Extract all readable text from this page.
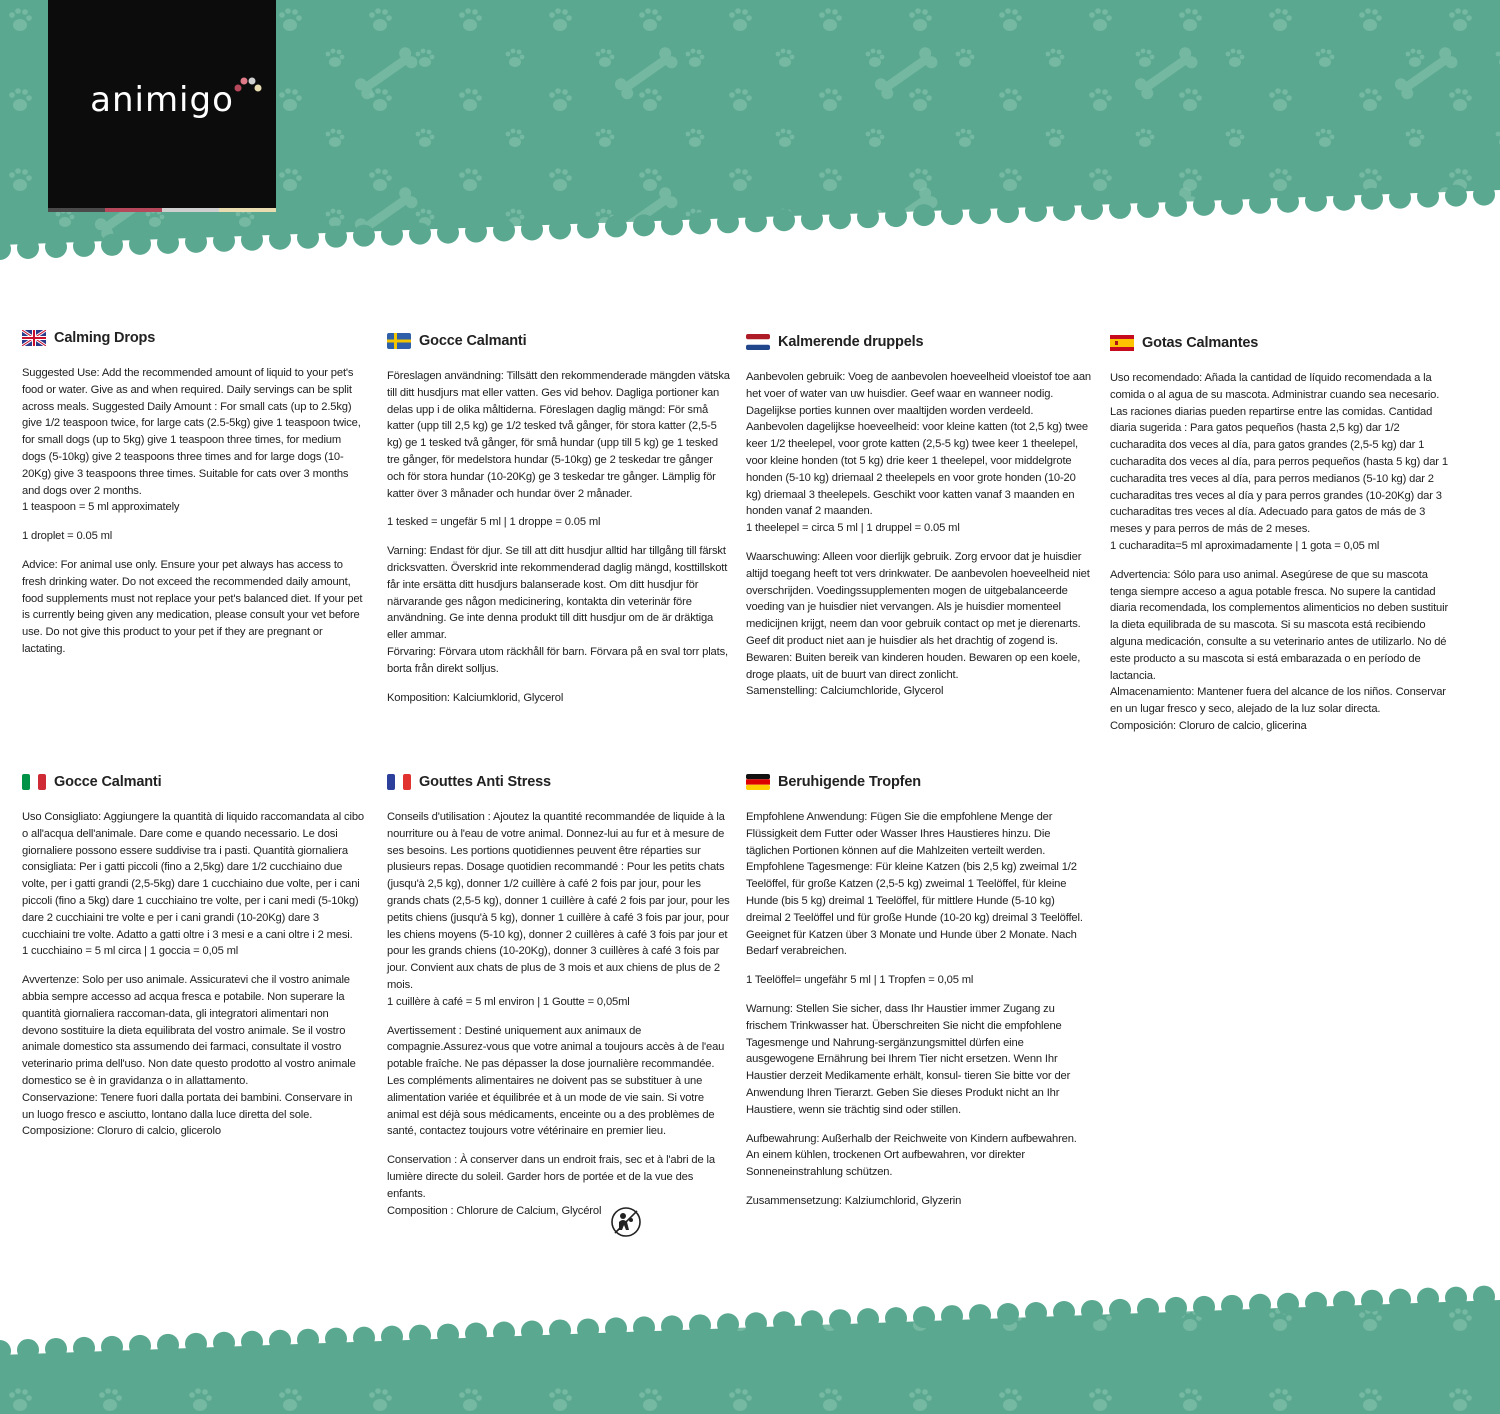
animigo
Calming Drops

Suggested Use: Add the recommended amount of liquid to your pet's food or water. Give as and when required. Daily servings can be split across meals. Suggested Daily Amount : For small cats (up to 2.5kg) give 1/2 teaspoon twice, for large cats (2.5-5kg) give 1 teaspoon twice, for small dogs (up to 5kg) give 1 teaspoon three times, for medium dogs (5-10kg) give 2 teaspoons three times and for large dogs (10-20Kg) give 3 teaspoons three times. Suitable for cats over 3 months and dogs over 2 months.

1 teaspoon = 5 ml approximately

1 droplet = 0.05 ml

Advice: For animal use only. Ensure your pet always has access to fresh drinking water. Do not exceed the recommended daily amount, food supplements must not replace your pet's balanced diet. If your pet is currently being given any medication, please consult your vet before use. Do not give this product to your pet if they are pregnant or lactating.

Gocce Calmanti

Föreslagen användning: Tillsätt den rekommenderade mängden vätska till ditt husdjurs mat eller vatten. Ges vid behov. Dagliga portioner kan delas upp i de olika måltiderna. Föreslagen daglig mängd: För små katter (upp till 2,5 kg) ge 1/2 tesked två gånger, för stora katter (2,5-5 kg) ge 1 tesked två gånger, för små hundar (upp till 5 kg) ge 1 tesked tre gånger, för medelstora hundar (5-10kg) ge 2 teskedar tre gånger och för stora hundar (10-20Kg) ge 3 teskedar tre gånger. Lämplig för katter över 3 månader och hundar över 2 månader.

1 tesked = ungefär 5 ml | 1 droppe = 0.05 ml

Varning: Endast för djur. Se till att ditt husdjur alltid har tillgång till färskt dricksvatten. Överskrid inte rekommenderad daglig mängd, kosttillskott får inte ersätta ditt husdjurs balanserade kost. Om ditt husdjur för närvarande ges någon medicinering, kontakta din veterinär före användning. Ge inte denna produkt till ditt husdjur om de är dräktiga eller ammar.

Förvaring: Förvara utom räckhåll för barn. Förvara på en sval torr plats, borta från direkt solljus.

Komposition: Kalciumklorid, Glycerol

Kalmerende druppels

Aanbevolen gebruik: Voeg de aanbevolen hoeveelheid vloeistof toe aan het voer of water van uw huisdier. Geef waar en wanneer nodig. Dagelijkse porties kunnen over maaltijden worden verdeeld. Aanbevolen dagelijkse hoeveelheid: voor kleine katten (tot 2,5 kg) twee keer 1/2 theelepel, voor grote katten (2,5-5 kg) twee keer 1 theelepel, voor kleine honden (tot 5 kg) drie keer 1 theelepel, voor middelgrote honden (5-10 kg) driemaal 2 theelepels en voor grote honden (10-20 kg) driemaal 3 theelepels. Geschikt voor katten vanaf 3 maanden en honden vanaf 2 maanden.

1 theelepel = circa 5 ml | 1 druppel = 0.05 ml

Waarschuwing: Alleen voor dierlijk gebruik. Zorg ervoor dat je huisdier altijd toegang heeft tot vers drinkwater. De aanbevolen hoeveelheid niet overschrijden. Voedingssupplementen mogen de uitgebalanceerde voeding van je huisdier niet vervangen. Als je huisdier momenteel medicijnen krijgt, neem dan voor gebruik contact op met je dierenarts. Geef dit product niet aan je huisdier als het drachtig of zogend is.

Bewaren: Buiten bereik van kinderen houden. Bewaren op een koele, droge plaats, uit de buurt van direct zonlicht.

Samenstelling: Calciumchloride, Glycerol

Gotas Calmantes

Uso recomendado: Añada la cantidad de líquido recomendada a la comida o al agua de su mascota. Administrar cuando sea necesario. Las raciones diarias pueden repartirse entre las comidas. Cantidad diaria sugerida : Para gatos pequeños (hasta 2,5 kg) dar 1/2 cucharadita dos veces al día, para gatos grandes (2,5-5 kg) dar 1 cucharadita dos veces al día, para perros pequeños (hasta 5 kg) dar 1 cucharadita tres veces al día, para perros medianos (5-10 kg) dar 2 cucharaditas tres veces al día y para perros grandes (10-20Kg) dar 3 cucharaditas tres veces al día. Adecuado para gatos de más de 3 meses y para perros de más de 2 meses.

1 cucharadita=5 ml aproximadamente | 1 gota = 0,05 ml

Advertencia: Sólo para uso animal. Asegúrese de que su mascota tenga siempre acceso a agua potable fresca. No supere la cantidad diaria recomendada, los complementos alimenticios no deben sustituir la dieta equilibrada de su mascota. Si su mascota está recibiendo alguna medicación, consulte a su veterinario antes de utilizarlo. No dé este producto a su mascota si está embarazada o en período de lactancia.

Almacenamiento: Mantener fuera del alcance de los niños. Conservar en un lugar fresco y seco, alejado de la luz solar directa.

Composición: Cloruro de calcio, glicerina

Gocce Calmanti

Uso Consigliato: Aggiungere la quantità di liquido raccomandata al cibo o all'acqua dell'animale. Dare come e quando necessario. Le dosi giornaliere possono essere suddivise tra i pasti. Quantità giornaliera consigliata: Per i gatti piccoli (fino a 2,5kg) dare 1/2 cucchiaino due volte, per i gatti grandi (2,5-5kg) dare 1 cucchiaino due volte, per i cani piccoli (fino a 5kg) dare 1 cucchiaino tre volte, per i cani medi (5-10kg) dare 2 cucchiaini tre volte e per i cani grandi (10-20Kg) dare 3 cucchiaini tre volte. Adatto a gatti oltre i 3 mesi e a cani oltre i 2 mesi.

1 cucchiaino = 5 ml circa | 1 goccia = 0,05 ml

Avvertenze: Solo per uso animale. Assicuratevi che il vostro animale abbia sempre accesso ad acqua fresca e potabile. Non superare la quantità giornaliera raccoman-data, gli integratori alimentari non devono sostituire la dieta equilibrata del vostro animale. Se il vostro animale domestico sta assumendo dei farmaci, consultate il vostro veterinario prima dell'uso. Non date questo prodotto al vostro animale domestico se è in gravidanza o in allattamento.

Conservazione: Tenere fuori dalla portata dei bambini. Conservare in un luogo fresco e asciutto, lontano dalla luce diretta del sole.

Composizione: Cloruro di calcio, glicerolo

Gouttes Anti Stress

Conseils d'utilisation : Ajoutez la quantité recommandée de liquide à la nourriture ou à l'eau de votre animal. Donnez-lui au fur et à mesure de ses besoins. Les portions quotidiennes peuvent être réparties sur plusieurs repas. Dosage quotidien recommandé : Pour les petits chats (jusqu'à 2,5 kg), donner 1/2 cuillère à café 2 fois par jour, pour les grands chats (2,5-5 kg), donner 1 cuillère à café 2 fois par jour, pour les petits chiens (jusqu'à 5 kg), donner 1 cuillère à café 3 fois par jour, pour les chiens moyens (5-10 kg), donner 2 cuillères à café 3 fois par jour et pour les grands chiens (10-20Kg), donner 3 cuillères à café 3 fois par jour. Convient aux chats de plus de 3 mois et aux chiens de plus de 2 mois.

1 cuillère à café = 5 ml environ | 1 Goutte = 0,05ml

Avertissement : Destiné uniquement aux animaux de compagnie.Assurez-vous que votre animal a toujours accès à de l'eau potable fraîche. Ne pas dépasser la dose journalière recommandée. Les compléments alimentaires ne doivent pas se substituer à une alimentation variée et équilibrée et à un mode de vie sain. Si votre animal est déjà sous médicaments, enceinte ou a des problèmes de santé, contactez toujours votre vétérinaire en premier lieu.

Conservation : À conserver dans un endroit frais, sec et à l'abri de la lumière directe du soleil. Garder hors de portée et de la vue des enfants.

Composition : Chlorure de Calcium, Glycérol

Beruhigende Tropfen

Empfohlene Anwendung: Fügen Sie die empfohlene Menge der Flüssigkeit dem Futter oder Wasser Ihres Haustieres hinzu. Die täglichen Portionen können auf die Mahlzeiten verteilt werden. Empfohlene Tagesmenge: Für kleine Katzen (bis 2,5 kg) zweimal 1/2 Teelöffel, für große Katzen (2,5-5 kg) zweimal 1 Teelöffel, für kleine Hunde (bis 5 kg) dreimal 1 Teelöffel, für mittlere Hunde (5-10 kg) dreimal 2 Teelöffel und für große Hunde (10-20 kg) dreimal 3 Teelöffel. Geeignet für Katzen über 3 Monate und Hunde über 2 Monate. Nach Bedarf verabreichen.

1 Teelöffel= ungefähr 5 ml | 1 Tropfen = 0,05 ml

Warnung: Stellen Sie sicher, dass Ihr Haustier immer Zugang zu frischem Trinkwasser hat. Überschreiten Sie nicht die empfohlene Tagesmenge und Nahrung-sergänzungsmittel dürfen eine ausgewogene Ernährung bei Ihrem Tier nicht ersetzen. Wenn Ihr Haustier derzeit Medikamente erhält, konsul- tieren Sie bitte vor der Anwendung Ihren Tierarzt. Geben Sie dieses Produkt nicht an Ihr Haustiere, wenn sie trächtig sind oder stillen.

Aufbewahrung: Außerhalb der Reichweite von Kindern aufbewahren. An einem kühlen, trockenen Ort aufbewahren, vor direkter Sonneneinstrahlung schützen.

Zusammensetzung: Kalziumchlorid, Glyzerin
